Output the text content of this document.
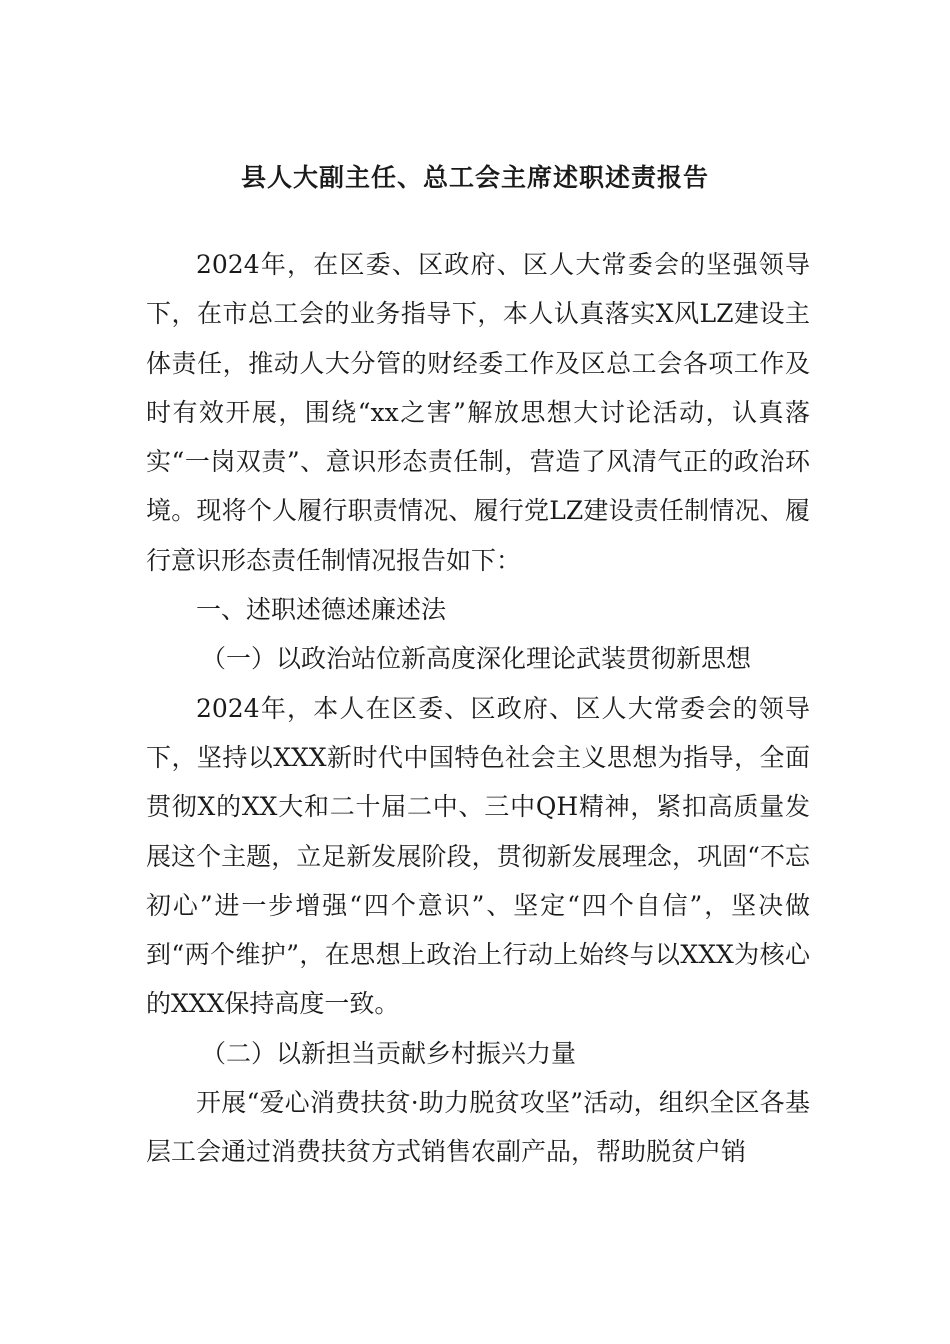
县人大副主任、总工会主席述职述责报告

2024年，在区委、区政府、区人大常委会的坚强领导下，在市总工会的业务指导下，本人认真落实X风LZ建设主体责任，推动人大分管的财经委工作及区总工会各项工作及时有效开展，围绕“xx之害”解放思想大讨论活动，认真落实“一岗双责”、意识形态责任制，营造了风清气正的政治环境。现将个人履行职责情况、履行党LZ建设责任制情况、履行意识形态责任制情况报告如下：

一、述职述德述廉述法

（一）以政治站位新高度深化理论武装贯彻新思想

2024年，本人在区委、区政府、区人大常委会的领导下，坚持以XXX新时代中国特色社会主义思想为指导，全面贯彻X的XX大和二十届二中、三中QH精神，紧扣高质量发展这个主题，立足新发展阶段，贯彻新发展理念，巩固“不忘初心”进一步增强“四个意识”、坚定“四个自信”，坚决做到“两个维护”，在思想上政治上行动上始终与以XXX为核心的XXX保持高度一致。

（二）以新担当贡献乡村振兴力量

开展“爱心消费扶贫·助力脱贫攻坚”活动，组织全区各基层工会通过消费扶贫方式销售农副产品，帮助脱贫户销
